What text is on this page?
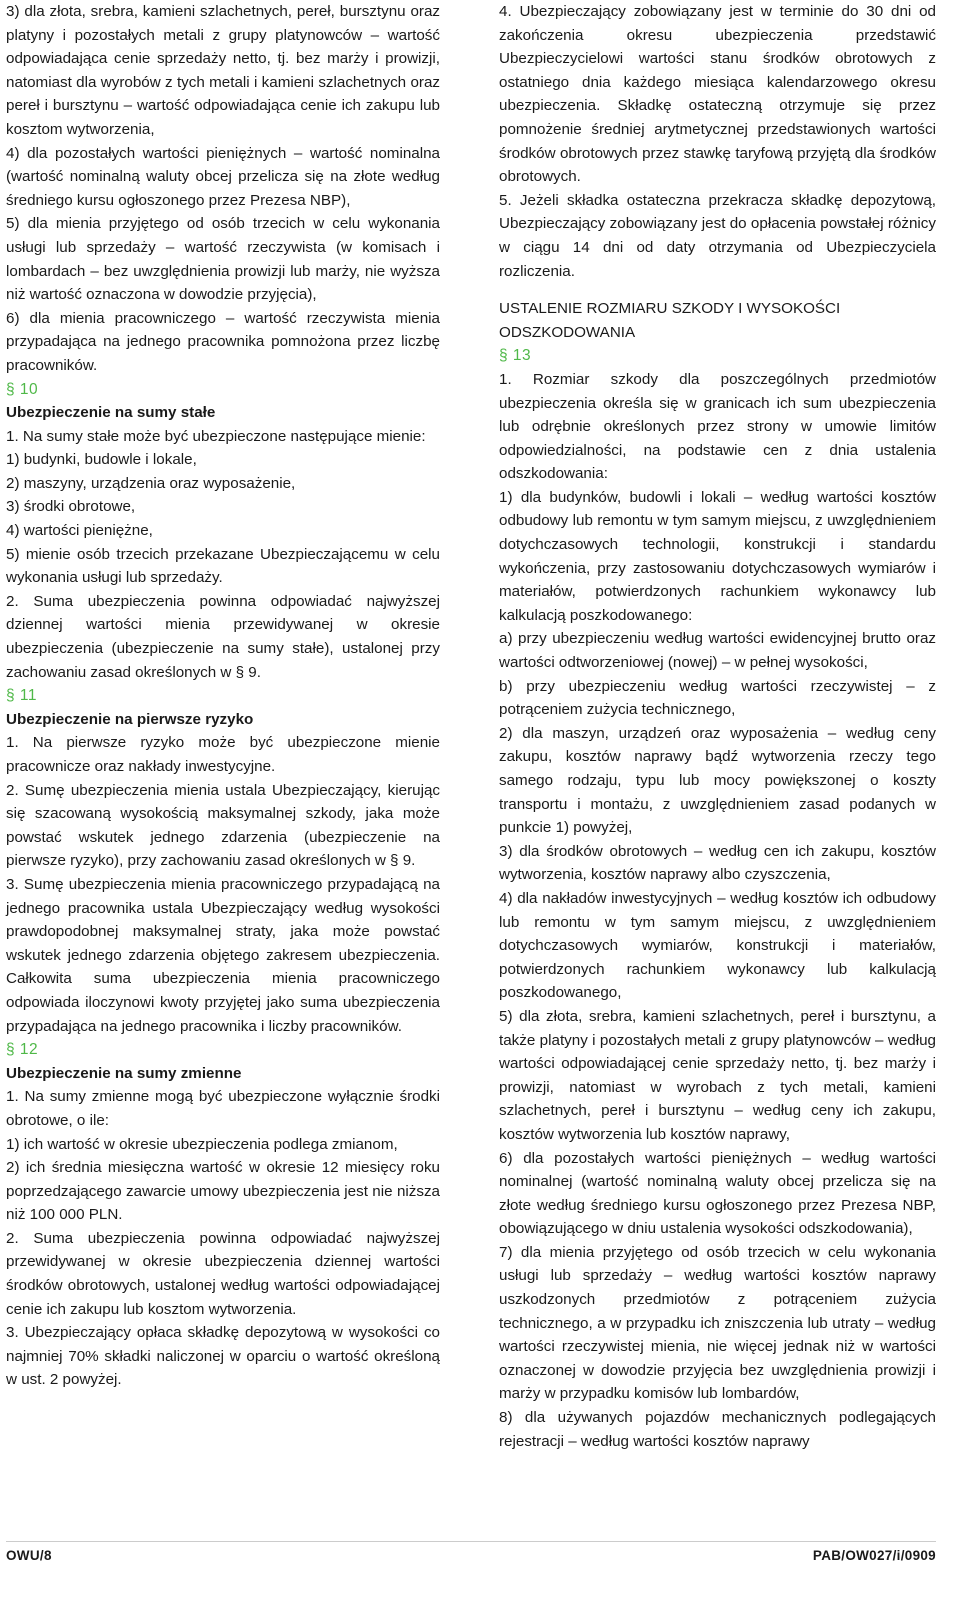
3) dla złota, srebra, kamieni szlachetnych, pereł, bursztynu oraz platyny i pozostałych metali z grupy platynowców – wartość odpowiadająca cenie sprzedaży netto, tj. bez marży i prowizji, natomiast dla wyrobów z tych metali i kamieni szlachetnych oraz pereł i bursztynu – wartość odpowiadająca cenie ich zakupu lub kosztom wytworzenia,

4) dla pozostałych wartości pieniężnych – wartość nominalna (wartość nominalną waluty obcej przelicza się na złote według średniego kursu ogłoszonego przez Prezesa NBP),

5) dla mienia przyjętego od osób trzecich w celu wykonania usługi lub sprzedaży – wartość rzeczywista (w komisach i lombardach – bez uwzględnienia prowizji lub marży, nie wyższa niż wartość oznaczona w dowodzie przyjęcia),

6) dla mienia pracowniczego – wartość rzeczywista mienia przypadająca na jednego pracownika pomnożona przez liczbę pracowników.

§ 10

Ubezpieczenie na sumy stałe

1. Na sumy stałe może być ubezpieczone następujące mienie:

1) budynki, budowle i lokale,

2) maszyny, urządzenia oraz wyposażenie,

3) środki obrotowe,

4) wartości pieniężne,

5) mienie osób trzecich przekazane Ubezpieczającemu w celu wykonania usługi lub sprzedaży.

2. Suma ubezpieczenia powinna odpowiadać najwyższej dziennej wartości mienia przewidywanej w okresie ubezpieczenia (ubezpieczenie na sumy stałe), ustalonej przy zachowaniu zasad określonych w § 9.

§ 11

Ubezpieczenie na pierwsze ryzyko

1. Na pierwsze ryzyko może być ubezpieczone mienie pracownicze oraz nakłady inwestycyjne.

2. Sumę ubezpieczenia mienia ustala Ubezpieczający, kierując się szacowaną wysokością maksymalnej szkody, jaka może powstać wskutek jednego zdarzenia (ubezpieczenie na pierwsze ryzyko), przy zachowaniu zasad określonych w § 9.

3. Sumę ubezpieczenia mienia pracowniczego przypadającą na jednego pracownika ustala Ubezpieczający według wysokości prawdopodobnej maksymalnej straty, jaka może powstać wskutek jednego zdarzenia objętego zakresem ubezpieczenia. Całkowita suma ubezpieczenia mienia pracowniczego odpowiada iloczynowi kwoty przyjętej jako suma ubezpieczenia przypadająca na jednego pracownika i liczby pracowników.

§ 12

Ubezpieczenie na sumy zmienne

1. Na sumy zmienne mogą być ubezpieczone wyłącznie środki obrotowe, o ile:

1) ich wartość w okresie ubezpieczenia podlega zmianom,

2) ich średnia miesięczna wartość w okresie 12 miesięcy roku poprzedzającego zawarcie umowy ubezpieczenia jest nie niższa niż 100 000 PLN.

2. Suma ubezpieczenia powinna odpowiadać najwyższej przewidywanej w okresie ubezpieczenia dziennej wartości środków obrotowych, ustalonej według wartości odpowiadającej cenie ich zakupu lub kosztom wytworzenia.

3. Ubezpieczający opłaca składkę depozytową w wysokości co najmniej 70% składki naliczonej w oparciu o wartość określoną w ust. 2 powyżej.

4. Ubezpieczający zobowiązany jest w terminie do 30 dni od zakończenia okresu ubezpieczenia przedstawić Ubezpieczycielowi wartości stanu środków obrotowych z ostatniego dnia każdego miesiąca kalendarzowego okresu ubezpieczenia. Składkę ostateczną otrzymuje się przez pomnożenie średniej arytmetycznej przedstawionych wartości środków obrotowych przez stawkę taryfową przyjętą dla środków obrotowych.

5. Jeżeli składka ostateczna przekracza składkę depozytową, Ubezpieczający zobowiązany jest do opłacenia powstałej różnicy w ciągu 14 dni od daty otrzymania od Ubezpieczyciela rozliczenia.

USTALENIE ROZMIARU SZKODY I WYSOKOŚCI ODSZKODOWANIA

§ 13

1. Rozmiar szkody dla poszczególnych przedmiotów ubezpieczenia określa się w granicach ich sum ubezpieczenia lub odrębnie określonych przez strony w umowie limitów odpowiedzialności, na podstawie cen z dnia ustalenia odszkodowania:

1) dla budynków, budowli i lokali – według wartości kosztów odbudowy lub remontu w tym samym miejscu, z uwzględnieniem dotychczasowych technologii, konstrukcji i standardu wykończenia, przy zastosowaniu dotychczasowych wymiarów i materiałów, potwierdzonych rachunkiem wykonawcy lub kalkulacją poszkodowanego:

a) przy ubezpieczeniu według wartości ewidencyjnej brutto oraz wartości odtworzeniowej (nowej) – w pełnej wysokości,

b) przy ubezpieczeniu według wartości rzeczywistej – z potrąceniem zużycia technicznego,

2) dla maszyn, urządzeń oraz wyposażenia – według ceny zakupu, kosztów naprawy bądź wytworzenia rzeczy tego samego rodzaju, typu lub mocy powiększonej o koszty transportu i montażu, z uwzględnieniem zasad podanych w punkcie 1) powyżej,

3) dla środków obrotowych – według cen ich zakupu, kosztów wytworzenia, kosztów naprawy albo czyszczenia,

4) dla nakładów inwestycyjnych – według kosztów ich odbudowy lub remontu w tym samym miejscu, z uwzględnieniem dotychczasowych wymiarów, konstrukcji i materiałów, potwierdzonych rachunkiem wykonawcy lub kalkulacją poszkodowanego,

5) dla złota, srebra, kamieni szlachetnych, pereł i bursztynu, a także platyny i pozostałych metali z grupy platynowców – według wartości odpowiadającej cenie sprzedaży netto, tj. bez marży i prowizji, natomiast w wyrobach z tych metali, kamieni szlachetnych, pereł i bursztynu – według ceny ich zakupu, kosztów wytworzenia lub kosztów naprawy,

6) dla pozostałych wartości pieniężnych – według wartości nominalnej (wartość nominalną waluty obcej przelicza się na złote według średniego kursu ogłoszonego przez Prezesa NBP, obowiązującego w dniu ustalenia wysokości odszkodowania),

7) dla mienia przyjętego od osób trzecich w celu wykonania usługi lub sprzedaży – według wartości kosztów naprawy uszkodzonych przedmiotów z potrąceniem zużycia technicznego, a w przypadku ich zniszczenia lub utraty – według wartości rzeczywistej mienia, nie więcej jednak niż w wartości oznaczonej w dowodzie przyjęcia bez uwzględnienia prowizji i marży w przypadku komisów lub lombardów,

8) dla używanych pojazdów mechanicznych podlegających rejestracji – według wartości kosztów naprawy

OWU/8	PAB/OW027/i/0909
